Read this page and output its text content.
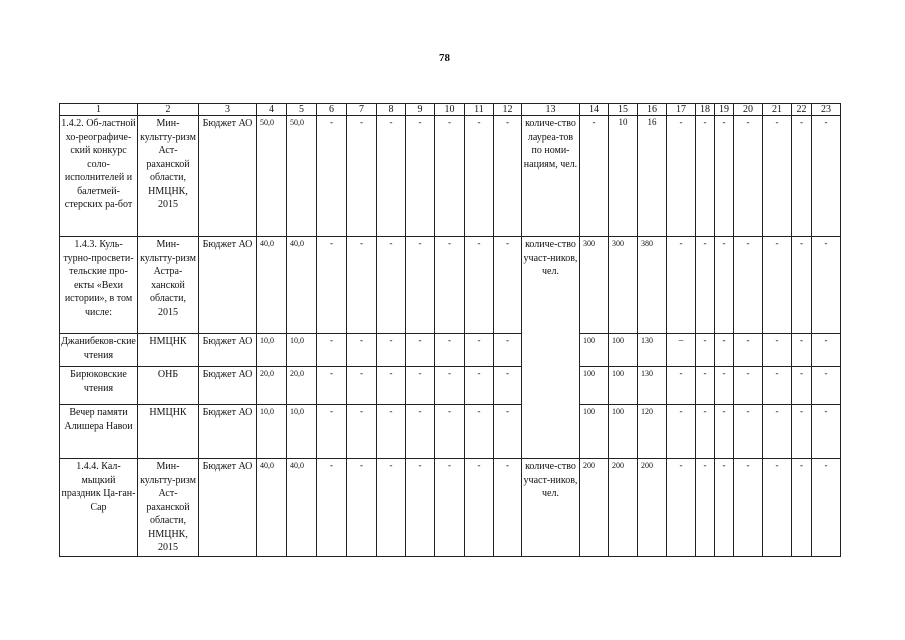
78
1	2	3	4	5	6	7	8	9	10	11	12	13	14	15	16	17	18	19	20	21	22	23
1.4.2. Об-ластной хо-реографиче-ский конкурс соло-исполнителей и балетмей-стерских ра-бот	Мин-культту-ризм Аст-раханской области, НМЦНК, 2015	Бюджет АО	50,0	50,0	-	-	-	-	-	-	-	количе-ство лауреа-тов по номи-нациям, чел.	-	10	16	-	-	-	-	-	-	-
1.4.3. Куль-турно-просвети-тельские про-екты «Вехи истории», в том числе:	Мин-культту-ризм Астра-ханской области, 2015	Бюджет АО	40,0	40,0	-	-	-	-	-	-	-	количе-ство участ-ников, чел.	300	300	380	-	-	-	-	-	-	-
Джанибеков-ские чтения	НМЦНК	Бюджет АО	10,0	10,0	-	-	-	-	-	-	-		100	100	130	–	-	-	-	-	-	-
Бирюковские чтения	ОНБ	Бюджет АО	20,0	20,0	-	-	-	-	-	-	-		100	100	130	-	-	-	-	-	-	-
Вечер памяти Алишера Навои	НМЦНК	Бюджет АО	10,0	10,0	-	-	-	-	-	-	-		100	100	120	-	-	-	-	-	-	-
1.4.4. Кал-мыцкий праздник Ца-ган-Сар	Мин-культту-ризм Аст-раханской области, НМЦНК, 2015	Бюджет АО	40,0	40,0	-	-	-	-	-	-	-	количе-ство участ-ников, чел.	200	200	200	-	-	-	-	-	-	-
